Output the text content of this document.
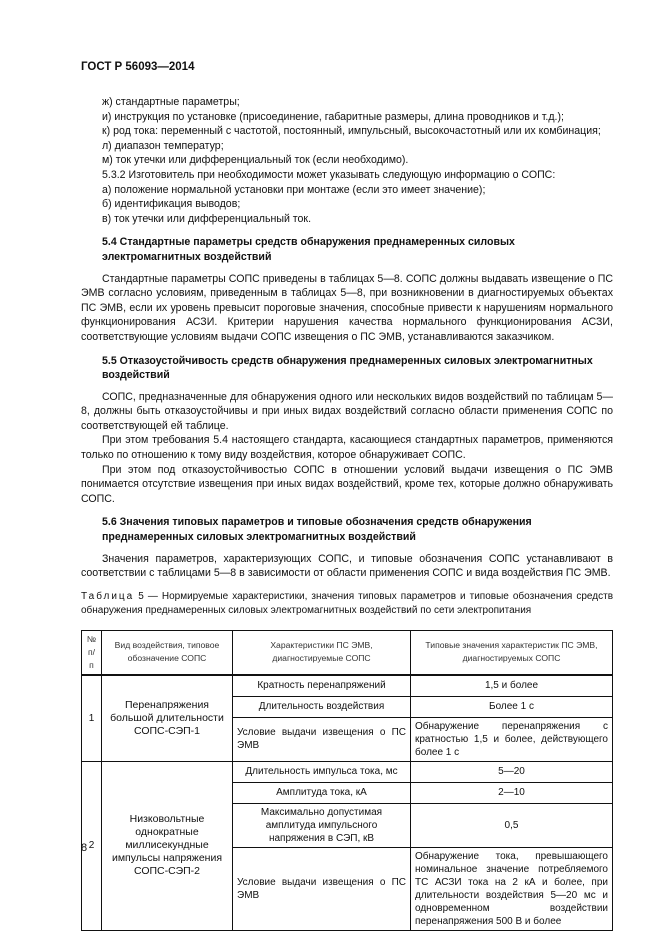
ГОСТ Р 56093—2014

ж) стандартные параметры;

и) инструкция по установке (присоединение, габаритные размеры, длина проводников и т.д.);

к) род тока: переменный с частотой, постоянный, импульсный, высокочастотный или их комбинация;

л) диапазон температур;

м) ток утечки или дифференциальный ток (если необходимо).

5.3.2 Изготовитель при необходимости может указывать следующую информацию о СОПС:

а) положение нормальной установки при монтаже (если это имеет значение);

б) идентификация выводов;

в) ток утечки или дифференциальный ток.

5.4 Стандартные параметры средств обнаружения преднамеренных силовых электромагнитных воздействий

Стандартные параметры СОПС приведены в таблицах 5—8. СОПС должны выдавать извещение о ПС ЭМВ согласно условиям, приведенным в таблицах 5—8, при возникновении в диагностируемых объектах ПС ЭМВ, если их уровень превысит пороговые значения, способные привести к нарушениям нормального функционирования АСЗИ. Критерии нарушения качества нормального функционирования АСЗИ, соответствующие условиям выдачи СОПС извещения о ПС ЭМВ, устанавливаются заказчиком.

5.5 Отказоустойчивость средств обнаружения преднамеренных силовых электромагнитных воздействий

СОПС, предназначенные для обнаружения одного или нескольких видов воздействий по таблицам 5—8, должны быть отказоустойчивы и при иных видах воздействий согласно области применения СОПС по соответствующей ей таблице.

При этом требования 5.4 настоящего стандарта, касающиеся стандартных параметров, применяются только по отношению к тому виду воздействия, которое обнаруживает СОПС.

При этом под отказоустойчивостью СОПС в отношении условий выдачи извещения о ПС ЭМВ понимается отсутствие извещения при иных видах воздействий, кроме тех, которые должно обнаруживать СОПС.

5.6 Значения типовых параметров и типовые обозначения средств обнаружения преднамеренных силовых электромагнитных воздействий

Значения параметров, характеризующих СОПС, и типовые обозначения СОПС устанавливают в соответствии с таблицами 5—8 в зависимости от области применения СОПС и вида воздействия ПС ЭМВ.

Таблица 5 — Нормируемые характеристики, значения типовых параметров и типовые обозначения средств обнаружения преднамеренных силовых электромагнитных воздействий по сети электропитания

№ п/п	Вид воздействия, типовое обозначение СОПС	Характеристики ПС ЭМВ, диагностируемые СОПС	Типовые значения характеристик ПС ЭМВ, диагностируемых СОПС
1	Перенапряжения большой длительности СОПС-СЭП-1	Кратность перенапряжений	1,5 и более
		Длительность воздействия	Более 1 с
		Условие выдачи извещения о ПС ЭМВ	Обнаружение перенапряжения с кратностью 1,5 и более, действующего более 1 с
2	Низковольтные однократные миллисекундные импульсы напряжения СОПС-СЭП-2	Длительность импульса тока, мс	5—20
		Амплитуда тока, кА	2—10
		Максимально допустимая амплитуда импульсного напряжения в СЭП, кВ	0,5
		Условие выдачи извещения о ПС ЭМВ	Обнаружение тока, превышающего номинальное значение потребляемого ТС АСЗИ тока на 2 кА и более, при длительности воздействия 5—20 мс и одновременном воздействии перенапряжения 500 В и более
8
